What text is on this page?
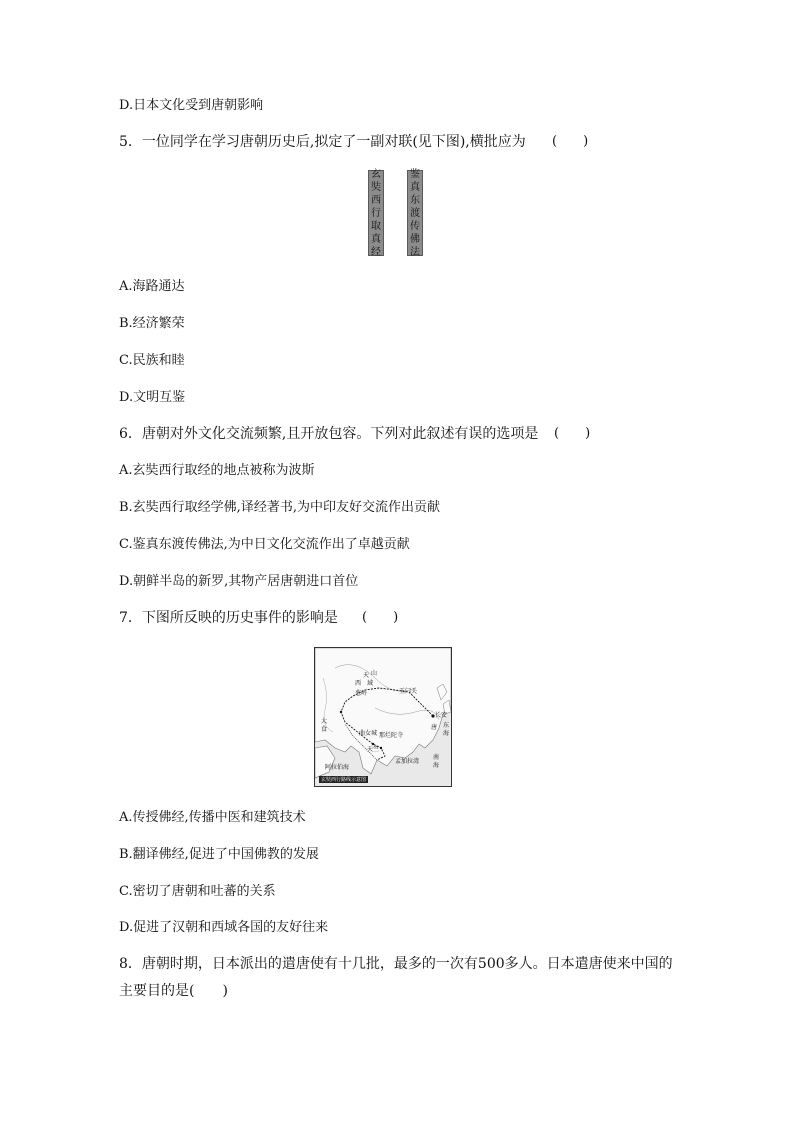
D.日本文化受到唐朝影响
5．一位同学在学习唐朝历史后,拟定了一副对联(见下图),横批应为 (　　)
玄
奘
西
行
取
真
经
鉴
真
东
渡
传
佛
法
A.海路通达
B.经济繁荣
C.民族和睦
D.文明互鉴
6．唐朝对外文化交流频繁,且开放包容。下列对此叙述有误的选项是 (　　)
A.玄奘西行取经的地点被称为波斯
B.玄奘西行取经学佛,译经著书,为中印友好交流作出贡献
C.鉴真东渡传佛法,为中日文化交流作出了卓越贡献
D.朝鲜半岛的新罗,其物产居唐朝进口首位
7．下图所反映的历史事件的影响是 (　　)
天 山
西　域
葱岭	玉门关
长安
唐
大
食
曲女城 那烂陀寺
天竺
孟加拉湾
阿拉伯海
东
海
南
海
玄奘西行路线示意图
A.传授佛经,传播中医和建筑技术
B.翻译佛经,促进了中国佛教的发展
C.密切了唐朝和吐蕃的关系
D.促进了汉朝和西域各国的友好往来
8．唐朝时期，日本派出的遣唐使有十几批，最多的一次有500多人。日本遣唐使来中国的
主要目的是(　　)
